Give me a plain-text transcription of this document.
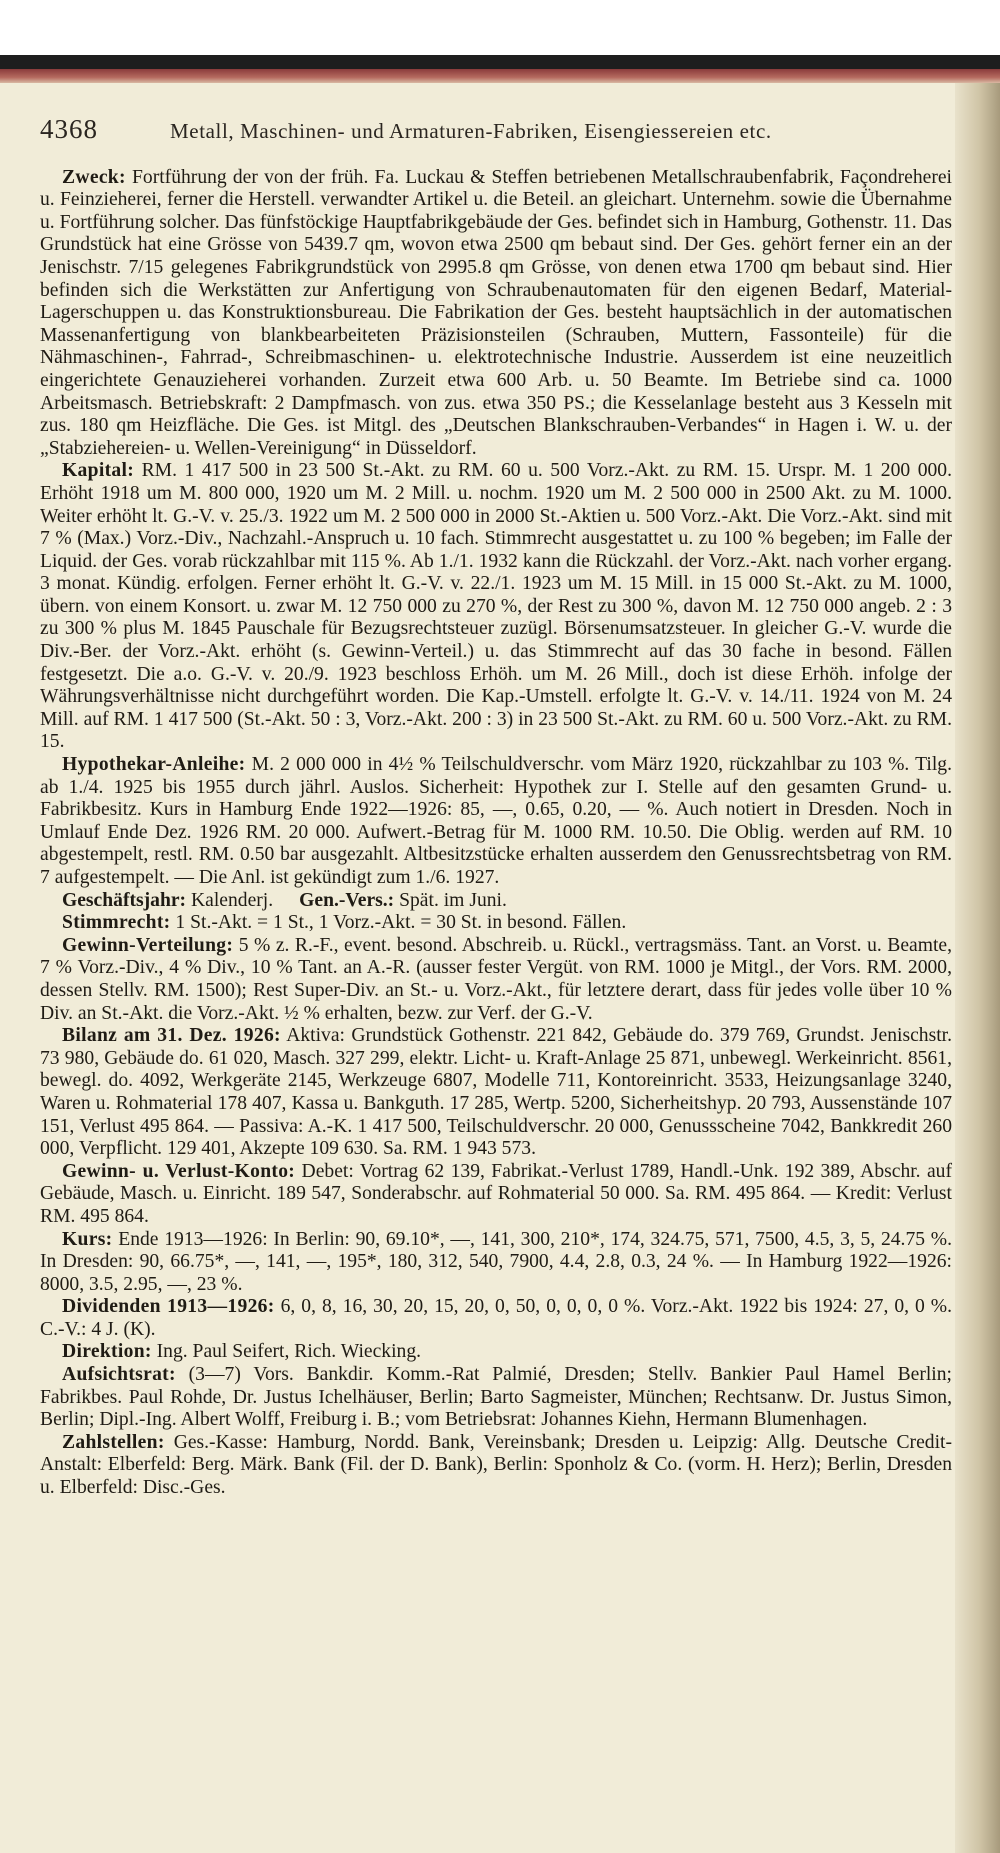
4368	Metall, Maschinen- und Armaturen-Fabriken, Eisengiessereien etc.

Zweck: Fortführung der von der früh. Fa. Luckau & Steffen betriebenen Metallschraubenfabrik, Façondreherei u. Feinzieherei, ferner die Herstell. verwandter Artikel u. die Beteil. an gleichart. Unternehm. sowie die Übernahme u. Fortführung solcher. Das fünfstöckige Hauptfabrikgebäude der Ges. befindet sich in Hamburg, Gothenstr. 11. Das Grundstück hat eine Grösse von 5439.7 qm, wovon etwa 2500 qm bebaut sind. Der Ges. gehört ferner ein an der Jenischstr. 7/15 gelegenes Fabrikgrundstück von 2995.8 qm Grösse, von denen etwa 1700 qm bebaut sind. Hier befinden sich die Werkstätten zur Anfertigung von Schraubenautomaten für den eigenen Bedarf, Material-Lagerschuppen u. das Konstruktionsbureau. Die Fabrikation der Ges. besteht hauptsächlich in der automatischen Massenanfertigung von blankbearbeiteten Präzisionsteilen (Schrauben, Muttern, Fassonteile) für die Nähmaschinen-, Fahrrad-, Schreibmaschinen- u. elektrotechnische Industrie. Ausserdem ist eine neuzeitlich eingerichtete Genauzieherei vorhanden. Zurzeit etwa 600 Arb. u. 50 Beamte. Im Betriebe sind ca. 1000 Arbeitsmasch. Betriebskraft: 2 Dampfmasch. von zus. etwa 350 PS.; die Kesselanlage besteht aus 3 Kesseln mit zus. 180 qm Heizfläche. Die Ges. ist Mitgl. des „Deutschen Blankschrauben-Verbandes“ in Hagen i. W. u. der „Stabziehereien- u. Wellen-Vereinigung“ in Düsseldorf.

Kapital: RM. 1 417 500 in 23 500 St.-Akt. zu RM. 60 u. 500 Vorz.-Akt. zu RM. 15. Urspr. M. 1 200 000. Erhöht 1918 um M. 800 000, 1920 um M. 2 Mill. u. nochm. 1920 um M. 2 500 000 in 2500 Akt. zu M. 1000. Weiter erhöht lt. G.-V. v. 25./3. 1922 um M. 2 500 000 in 2000 St.-Aktien u. 500 Vorz.-Akt. Die Vorz.-Akt. sind mit 7 % (Max.) Vorz.-Div., Nachzahl.-Anspruch u. 10 fach. Stimmrecht ausgestattet u. zu 100 % begeben; im Falle der Liquid. der Ges. vorab rückzahlbar mit 115 %. Ab 1./1. 1932 kann die Rückzahl. der Vorz.-Akt. nach vorher ergang. 3 monat. Kündig. erfolgen. Ferner erhöht lt. G.-V. v. 22./1. 1923 um M. 15 Mill. in 15 000 St.-Akt. zu M. 1000, übern. von einem Konsort. u. zwar M. 12 750 000 zu 270 %, der Rest zu 300 %, davon M. 12 750 000 angeb. 2 : 3 zu 300 % plus M. 1845 Pauschale für Bezugsrechtsteuer zuzügl. Börsenumsatzsteuer. In gleicher G.-V. wurde die Div.-Ber. der Vorz.-Akt. erhöht (s. Gewinn-Verteil.) u. das Stimmrecht auf das 30 fache in besond. Fällen festgesetzt. Die a.o. G.-V. v. 20./9. 1923 beschloss Erhöh. um M. 26 Mill., doch ist diese Erhöh. infolge der Währungsverhältnisse nicht durchgeführt worden. Die Kap.-Umstell. erfolgte lt. G.-V. v. 14./11. 1924 von M. 24 Mill. auf RM. 1 417 500 (St.-Akt. 50 : 3, Vorz.-Akt. 200 : 3) in 23 500 St.-Akt. zu RM. 60 u. 500 Vorz.-Akt. zu RM. 15.

Hypothekar-Anleihe: M. 2 000 000 in 4½ % Teilschuldverschr. vom März 1920, rückzahlbar zu 103 %. Tilg. ab 1./4. 1925 bis 1955 durch jährl. Auslos. Sicherheit: Hypothek zur I. Stelle auf den gesamten Grund- u. Fabrikbesitz. Kurs in Hamburg Ende 1922—1926: 85, —, 0.65, 0.20, — %. Auch notiert in Dresden. Noch in Umlauf Ende Dez. 1926 RM. 20 000. Aufwert.-Betrag für M. 1000 RM. 10.50. Die Oblig. werden auf RM. 10 abgestempelt, restl. RM. 0.50 bar ausgezahlt. Altbesitzstücke erhalten ausserdem den Genussrechtsbetrag von RM. 7 aufgestempelt. — Die Anl. ist gekündigt zum 1./6. 1927.

Geschäftsjahr: Kalenderj. Gen.-Vers.: Spät. im Juni.

Stimmrecht: 1 St.-Akt. = 1 St., 1 Vorz.-Akt. = 30 St. in besond. Fällen.

Gewinn-Verteilung: 5 % z. R.-F., event. besond. Abschreib. u. Rückl., vertragsmäss. Tant. an Vorst. u. Beamte, 7 % Vorz.-Div., 4 % Div., 10 % Tant. an A.-R. (ausser fester Vergüt. von RM. 1000 je Mitgl., der Vors. RM. 2000, dessen Stellv. RM. 1500); Rest Super-Div. an St.- u. Vorz.-Akt., für letztere derart, dass für jedes volle über 10 % Div. an St.-Akt. die Vorz.-Akt. ½ % erhalten, bezw. zur Verf. der G.-V.

Bilanz am 31. Dez. 1926: Aktiva: Grundstück Gothenstr. 221 842, Gebäude do. 379 769, Grundst. Jenischstr. 73 980, Gebäude do. 61 020, Masch. 327 299, elektr. Licht- u. Kraft-Anlage 25 871, unbewegl. Werkeinricht. 8561, bewegl. do. 4092, Werkgeräte 2145, Werkzeuge 6807, Modelle 711, Kontoreinricht. 3533, Heizungsanlage 3240, Waren u. Rohmaterial 178 407, Kassa u. Bankguth. 17 285, Wertp. 5200, Sicherheitshyp. 20 793, Aussenstände 107 151, Verlust 495 864. — Passiva: A.-K. 1 417 500, Teilschuldverschr. 20 000, Genussscheine 7042, Bankkredit 260 000, Verpflicht. 129 401, Akzepte 109 630. Sa. RM. 1 943 573.

Gewinn- u. Verlust-Konto: Debet: Vortrag 62 139, Fabrikat.-Verlust 1789, Handl.-Unk. 192 389, Abschr. auf Gebäude, Masch. u. Einricht. 189 547, Sonderabschr. auf Rohmaterial 50 000. Sa. RM. 495 864. — Kredit: Verlust RM. 495 864.

Kurs: Ende 1913—1926: In Berlin: 90, 69.10*, —, 141, 300, 210*, 174, 324.75, 571, 7500, 4.5, 3, 5, 24.75 %. In Dresden: 90, 66.75*, —, 141, —, 195*, 180, 312, 540, 7900, 4.4, 2.8, 0.3, 24 %. — In Hamburg 1922—1926: 8000, 3.5, 2.95, —, 23 %.

Dividenden 1913—1926: 6, 0, 8, 16, 30, 20, 15, 20, 0, 50, 0, 0, 0, 0 %. Vorz.-Akt. 1922 bis 1924: 27, 0, 0 %. C.-V.: 4 J. (K).

Direktion: Ing. Paul Seifert, Rich. Wiecking.

Aufsichtsrat: (3—7) Vors. Bankdir. Komm.-Rat Palmié, Dresden; Stellv. Bankier Paul Hamel Berlin; Fabrikbes. Paul Rohde, Dr. Justus Ichelhäuser, Berlin; Barto Sagmeister, München; Rechtsanw. Dr. Justus Simon, Berlin; Dipl.-Ing. Albert Wolff, Freiburg i. B.; vom Betriebsrat: Johannes Kiehn, Hermann Blumenhagen.

Zahlstellen: Ges.-Kasse: Hamburg, Nordd. Bank, Vereinsbank; Dresden u. Leipzig: Allg. Deutsche Credit-Anstalt: Elberfeld: Berg. Märk. Bank (Fil. der D. Bank), Berlin: Sponholz & Co. (vorm. H. Herz); Berlin, Dresden u. Elberfeld: Disc.-Ges.
